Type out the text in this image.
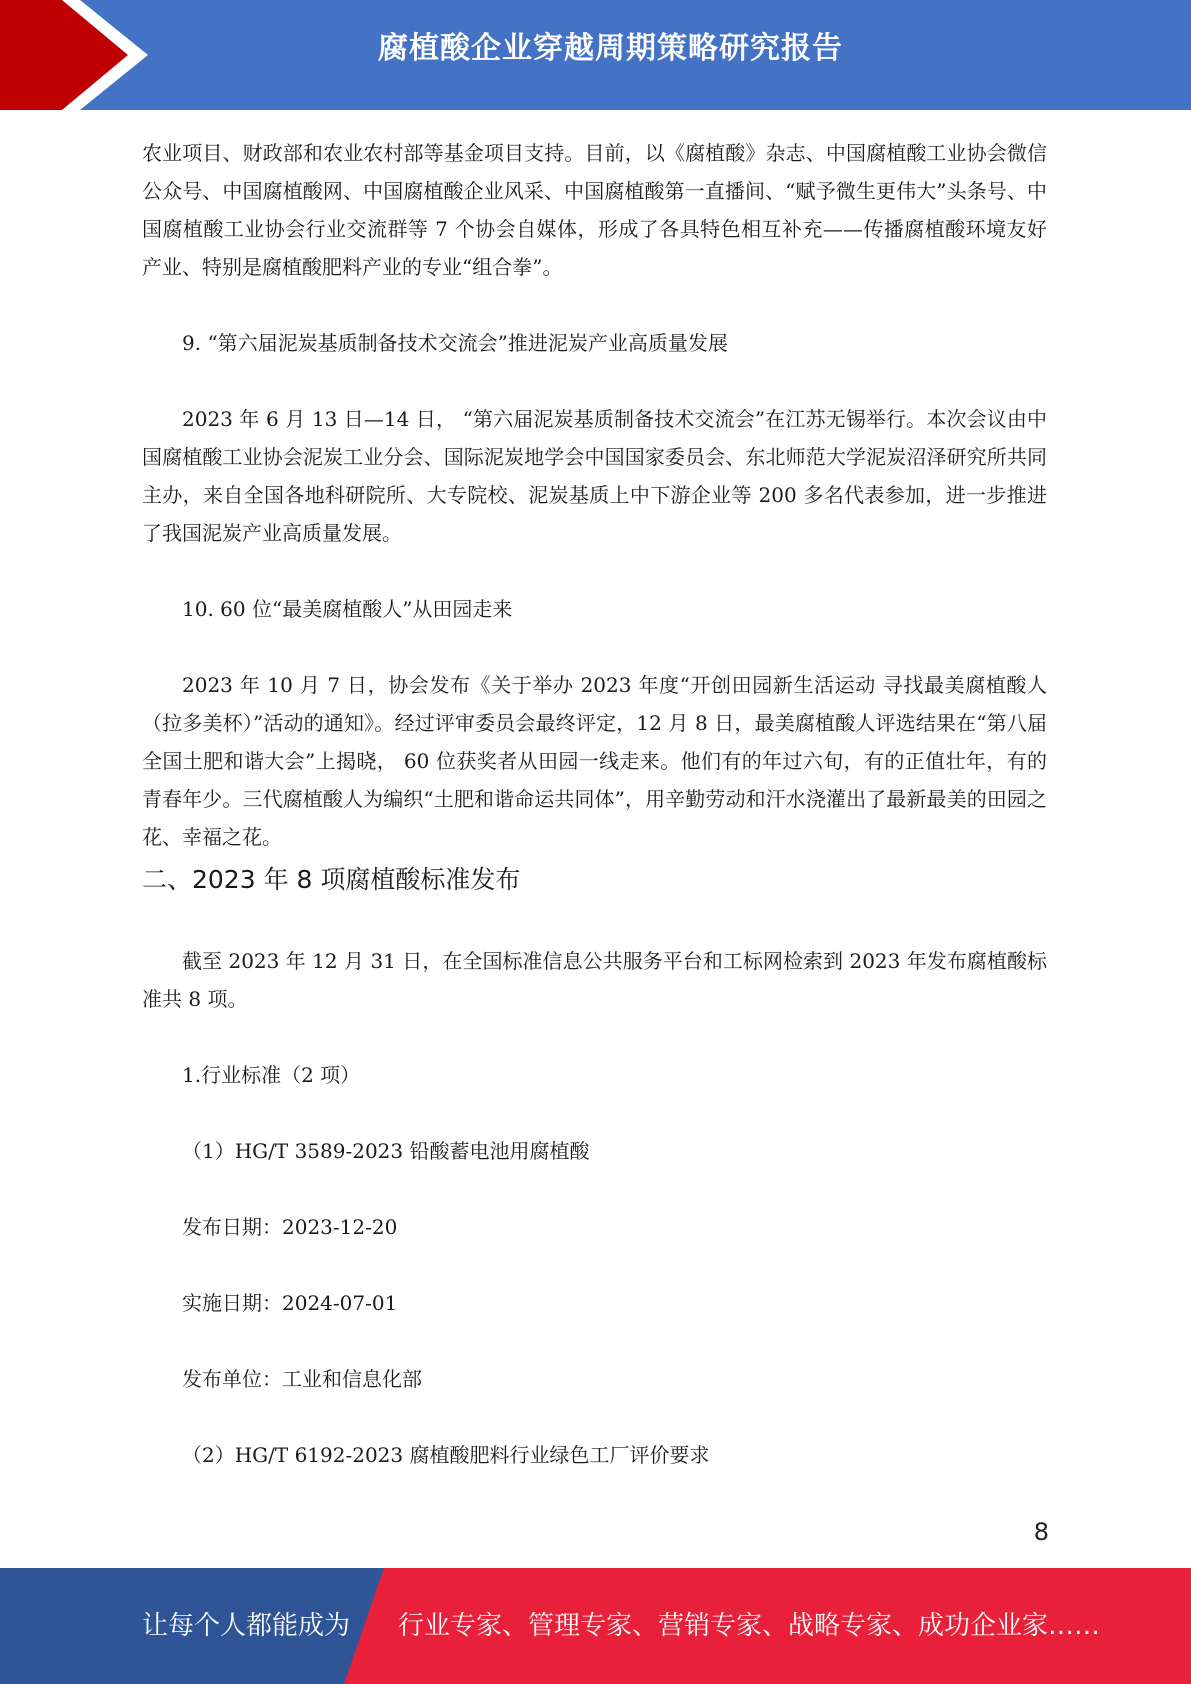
腐植酸企业穿越周期策略研究报告

农业项目、财政部和农业农村部等基金项目支持。目前，以《腐植酸》杂志、中国腐植酸工业协会微信公众号、中国腐植酸网、中国腐植酸企业风采、中国腐植酸第一直播间、“赋予微生更伟大”头条号、中国腐植酸工业协会行业交流群等 7 个协会自媒体，形成了各具特色相互补充——传播腐植酸环境友好产业、特别是腐植酸肥料产业的专业“组合拳”。

9. “第六届泥炭基质制备技术交流会”推进泥炭产业高质量发展

2023 年 6 月 13 日—14 日， “第六届泥炭基质制备技术交流会”在江苏无锡举行。本次会议由中国腐植酸工业协会泥炭工业分会、国际泥炭地学会中国国家委员会、东北师范大学泥炭沼泽研究所共同主办，来自全国各地科研院所、大专院校、泥炭基质上中下游企业等 200 多名代表参加，进一步推进了我国泥炭产业高质量发展。

10. 60 位“最美腐植酸人”从田园走来

2023 年 10 月 7 日，协会发布《关于举办 2023 年度“开创田园新生活运动 寻找最美腐植酸人（拉多美杯）”活动的通知》。经过评审委员会最终评定，12 月 8 日，最美腐植酸人评选结果在“第八届全国土肥和谐大会”上揭晓， 60 位获奖者从田园一线走来。他们有的年过六旬，有的正值壮年，有的青春年少。三代腐植酸人为编织“土肥和谐命运共同体”，用辛勤劳动和汗水浇灌出了最新最美的田园之花、幸福之花。

二、2023 年 8 项腐植酸标准发布

截至 2023 年 12 月 31 日，在全国标准信息公共服务平台和工标网检索到 2023 年发布腐植酸标准共 8 项。

1.行业标准（2 项）

（1）HG/T 3589-2023 铅酸蓄电池用腐植酸

发布日期：2023-12-20

实施日期：2024-07-01

发布单位：工业和信息化部

（2）HG/T 6192-2023 腐植酸肥料行业绿色工厂评价要求

8
让每个人都能成为 行业专家、管理专家、营销专家、战略专家、成功企业家……
